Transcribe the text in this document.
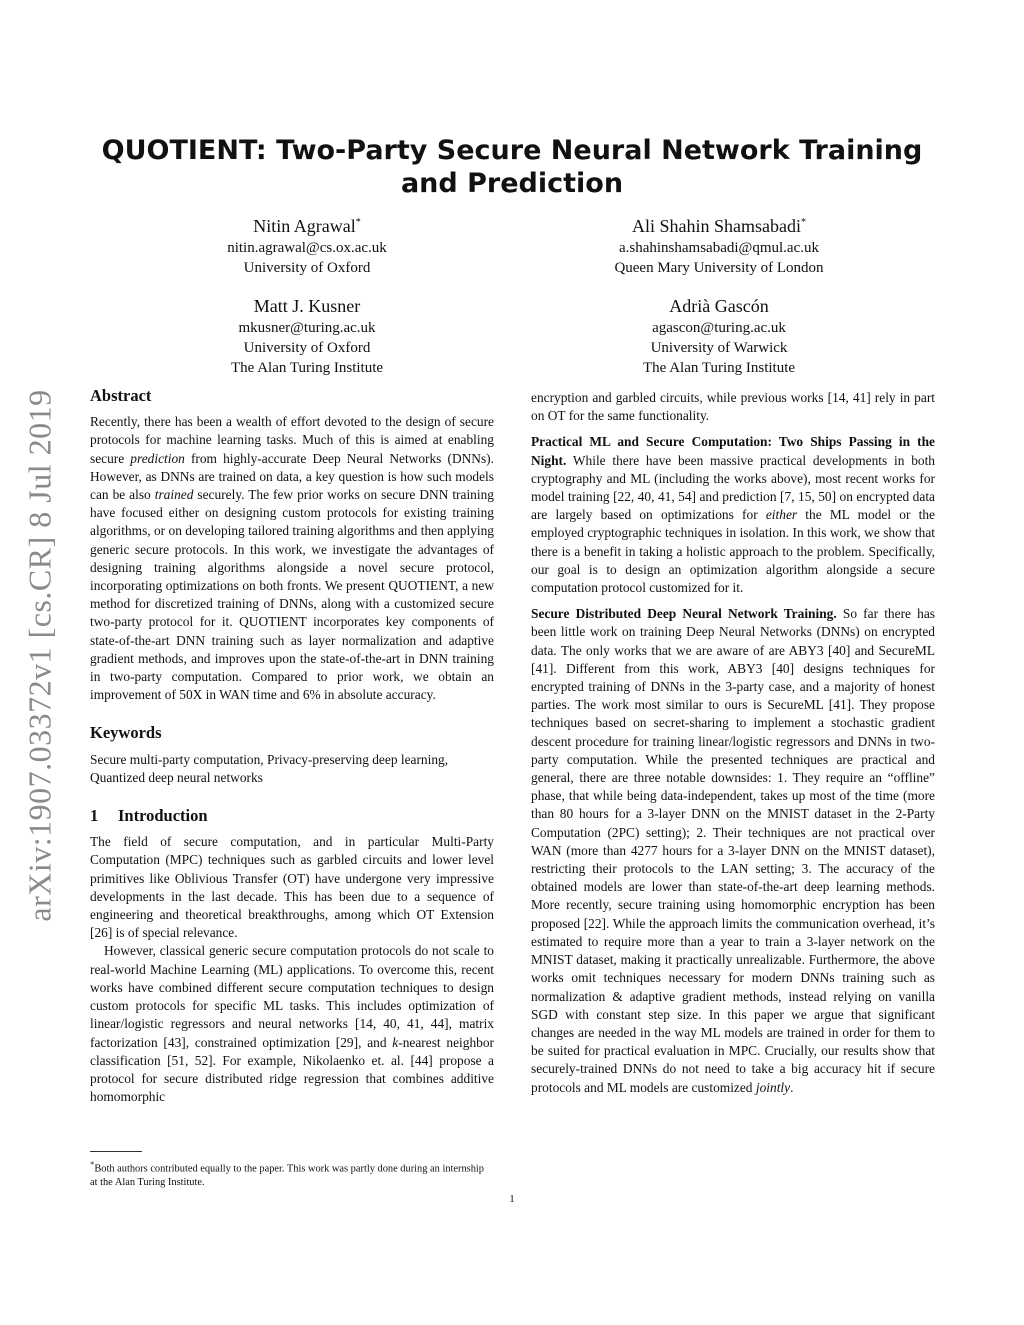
arXiv:1907.03372v1 [cs.CR] 8 Jul 2019
QUOTIENT: Two-Party Secure Neural Network Training and Prediction
Nitin Agrawal*
nitin.agrawal@cs.ox.ac.uk
University of Oxford
Ali Shahin Shamsabadi*
a.shahinshamsabadi@qmul.ac.uk
Queen Mary University of London
Matt J. Kusner
mkusner@turing.ac.uk
University of Oxford
The Alan Turing Institute
Adrià Gascón
agascon@turing.ac.uk
University of Warwick
The Alan Turing Institute
Abstract

Recently, there has been a wealth of effort devoted to the design of secure protocols for machine learning tasks. Much of this is aimed at enabling secure prediction from highly-accurate Deep Neural Networks (DNNs). However, as DNNs are trained on data, a key question is how such models can be also trained securely. The few prior works on secure DNN training have focused either on designing custom protocols for existing training algorithms, or on developing tailored training algorithms and then applying generic secure protocols. In this work, we investigate the advantages of designing training algorithms alongside a novel secure protocol, incorporating optimizations on both fronts. We present QUOTIENT, a new method for discretized training of DNNs, along with a customized secure two-party protocol for it. QUOTIENT incorporates key components of state-of-the-art DNN training such as layer normalization and adaptive gradient methods, and improves upon the state-of-the-art in DNN training in two-party computation. Compared to prior work, we obtain an improvement of 50X in WAN time and 6% in absolute accuracy.

Keywords

Secure multi-party computation, Privacy-preserving deep learning, Quantized deep neural networks

1 Introduction

The field of secure computation, and in particular Multi-Party Computation (MPC) techniques such as garbled circuits and lower level primitives like Oblivious Transfer (OT) have undergone very impressive developments in the last decade. This has been due to a sequence of engineering and theoretical breakthroughs, among which OT Extension [26] is of special relevance.

However, classical generic secure computation protocols do not scale to real-world Machine Learning (ML) applications. To overcome this, recent works have combined different secure computation techniques to design custom protocols for specific ML tasks. This includes optimization of linear/logistic regressors and neural networks [14, 40, 41, 44], matrix factorization [43], constrained optimization [29], and k-nearest neighbor classification [51, 52]. For example, Nikolaenko et. al. [44] propose a protocol for secure distributed ridge regression that combines additive homomorphic

encryption and garbled circuits, while previous works [14, 41] rely in part on OT for the same functionality.

Practical ML and Secure Computation: Two Ships Passing in the Night. While there have been massive practical developments in both cryptography and ML (including the works above), most recent works for model training [22, 40, 41, 54] and prediction [7, 15, 50] on encrypted data are largely based on optimizations for either the ML model or the employed cryptographic techniques in isolation. In this work, we show that there is a benefit in taking a holistic approach to the problem. Specifically, our goal is to design an optimization algorithm alongside a secure computation protocol customized for it.

Secure Distributed Deep Neural Network Training. So far there has been little work on training Deep Neural Networks (DNNs) on encrypted data. The only works that we are aware of are ABY3 [40] and SecureML [41]. Different from this work, ABY3 [40] designs techniques for encrypted training of DNNs in the 3-party case, and a majority of honest parties. The work most similar to ours is SecureML [41]. They propose techniques based on secret-sharing to implement a stochastic gradient descent procedure for training linear/logistic regressors and DNNs in two-party computation. While the presented techniques are practical and general, there are three notable downsides: 1. They require an “offline” phase, that while being data-independent, takes up most of the time (more than 80 hours for a 3-layer DNN on the MNIST dataset in the 2-Party Computation (2PC) setting); 2. Their techniques are not practical over WAN (more than 4277 hours for a 3-layer DNN on the MNIST dataset), restricting their protocols to the LAN setting; 3. The accuracy of the obtained models are lower than state-of-the-art deep learning methods. More recently, secure training using homomorphic encryption has been proposed [22]. While the approach limits the communication overhead, it’s estimated to require more than a year to train a 3-layer network on the MNIST dataset, making it practically unrealizable. Furthermore, the above works omit techniques necessary for modern DNNs training such as normalization & adaptive gradient methods, instead relying on vanilla SGD with constant step size. In this paper we argue that significant changes are needed in the way ML models are trained in order for them to be suited for practical evaluation in MPC. Crucially, our results show that securely-trained DNNs do not need to take a big accuracy hit if secure protocols and ML models are customized jointly.

*Both authors contributed equally to the paper. This work was partly done during an internship at the Alan Turing Institute.
1
